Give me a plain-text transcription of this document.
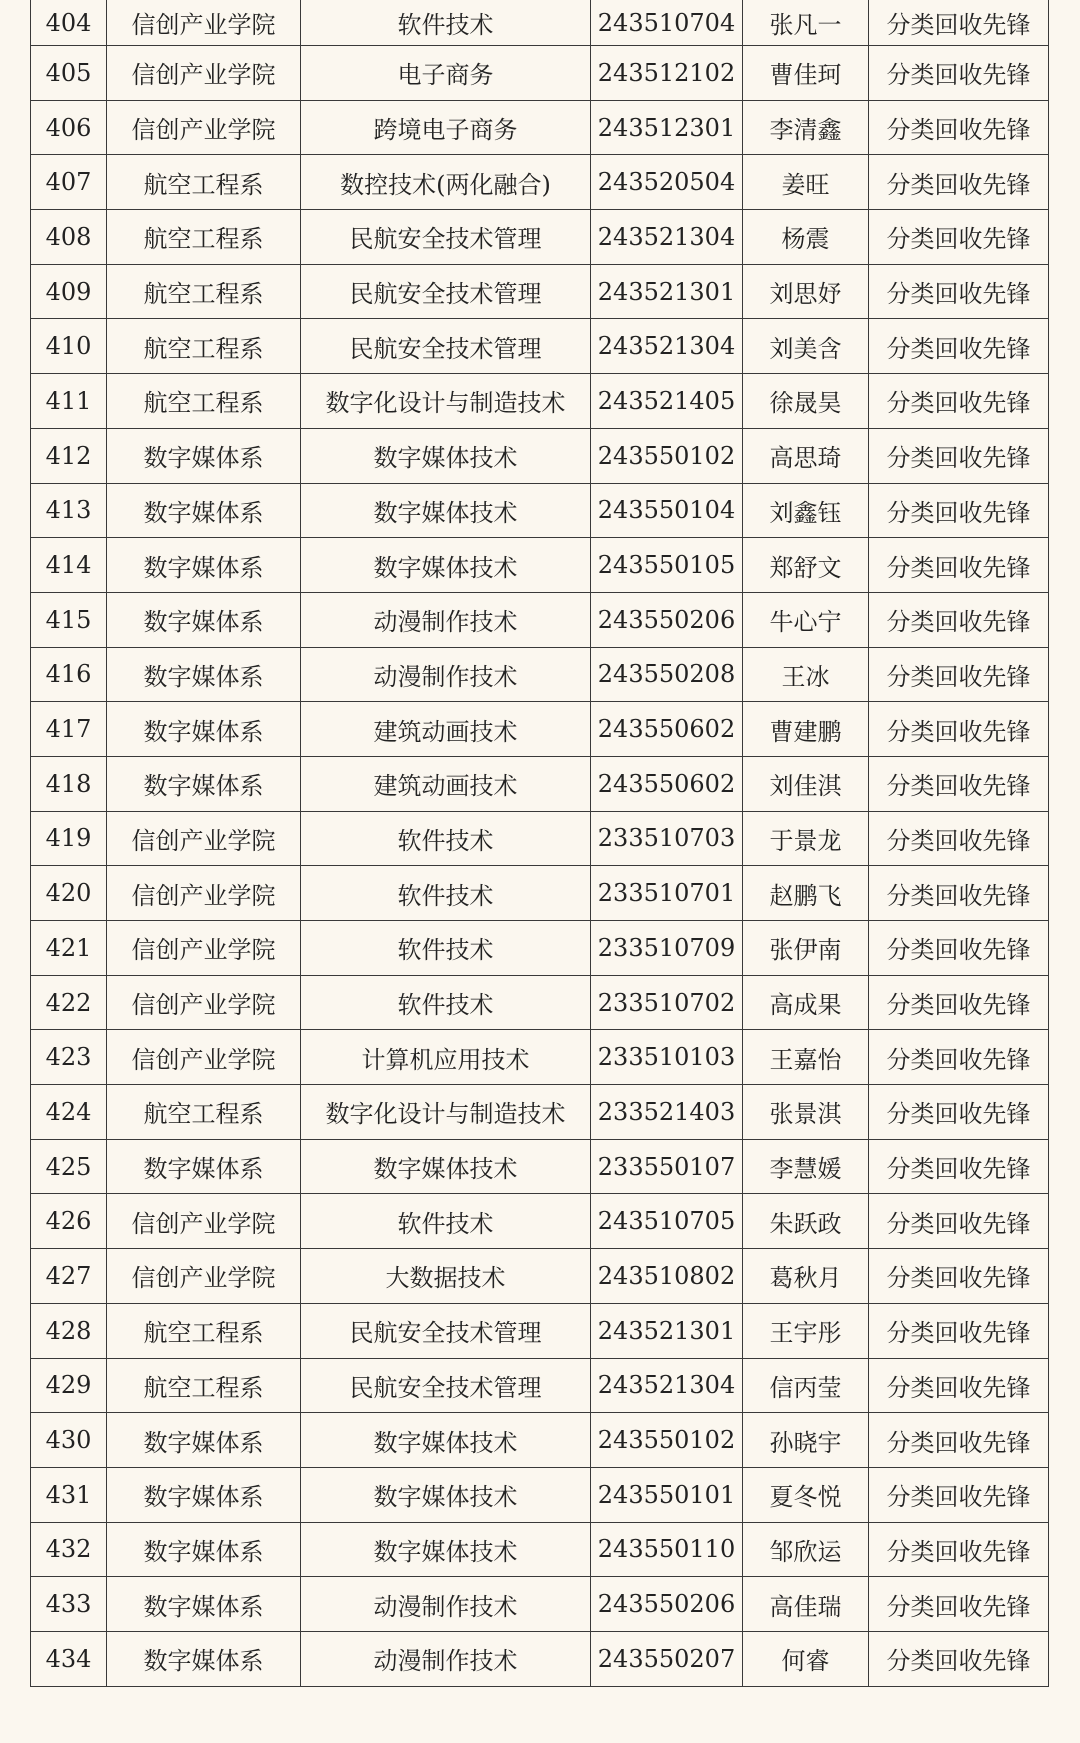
404	信创产业学院	软件技术	243510704	张凡一	分类回收先锋
405	信创产业学院	电子商务	243512102	曹佳珂	分类回收先锋
406	信创产业学院	跨境电子商务	243512301	李清鑫	分类回收先锋
407	航空工程系	数控技术(两化融合)	243520504	姜旺	分类回收先锋
408	航空工程系	民航安全技术管理	243521304	杨震	分类回收先锋
409	航空工程系	民航安全技术管理	243521301	刘思妤	分类回收先锋
410	航空工程系	民航安全技术管理	243521304	刘美含	分类回收先锋
411	航空工程系	数字化设计与制造技术	243521405	徐晟昊	分类回收先锋
412	数字媒体系	数字媒体技术	243550102	高思琦	分类回收先锋
413	数字媒体系	数字媒体技术	243550104	刘鑫钰	分类回收先锋
414	数字媒体系	数字媒体技术	243550105	郑舒文	分类回收先锋
415	数字媒体系	动漫制作技术	243550206	牛心宁	分类回收先锋
416	数字媒体系	动漫制作技术	243550208	王冰	分类回收先锋
417	数字媒体系	建筑动画技术	243550602	曹建鹏	分类回收先锋
418	数字媒体系	建筑动画技术	243550602	刘佳淇	分类回收先锋
419	信创产业学院	软件技术	233510703	于景龙	分类回收先锋
420	信创产业学院	软件技术	233510701	赵鹏飞	分类回收先锋
421	信创产业学院	软件技术	233510709	张伊南	分类回收先锋
422	信创产业学院	软件技术	233510702	高成果	分类回收先锋
423	信创产业学院	计算机应用技术	233510103	王嘉怡	分类回收先锋
424	航空工程系	数字化设计与制造技术	233521403	张景淇	分类回收先锋
425	数字媒体系	数字媒体技术	233550107	李慧媛	分类回收先锋
426	信创产业学院	软件技术	243510705	朱跃政	分类回收先锋
427	信创产业学院	大数据技术	243510802	葛秋月	分类回收先锋
428	航空工程系	民航安全技术管理	243521301	王宇彤	分类回收先锋
429	航空工程系	民航安全技术管理	243521304	信丙莹	分类回收先锋
430	数字媒体系	数字媒体技术	243550102	孙晓宇	分类回收先锋
431	数字媒体系	数字媒体技术	243550101	夏冬悦	分类回收先锋
432	数字媒体系	数字媒体技术	243550110	邹欣运	分类回收先锋
433	数字媒体系	动漫制作技术	243550206	高佳瑞	分类回收先锋
434	数字媒体系	动漫制作技术	243550207	何睿	分类回收先锋
